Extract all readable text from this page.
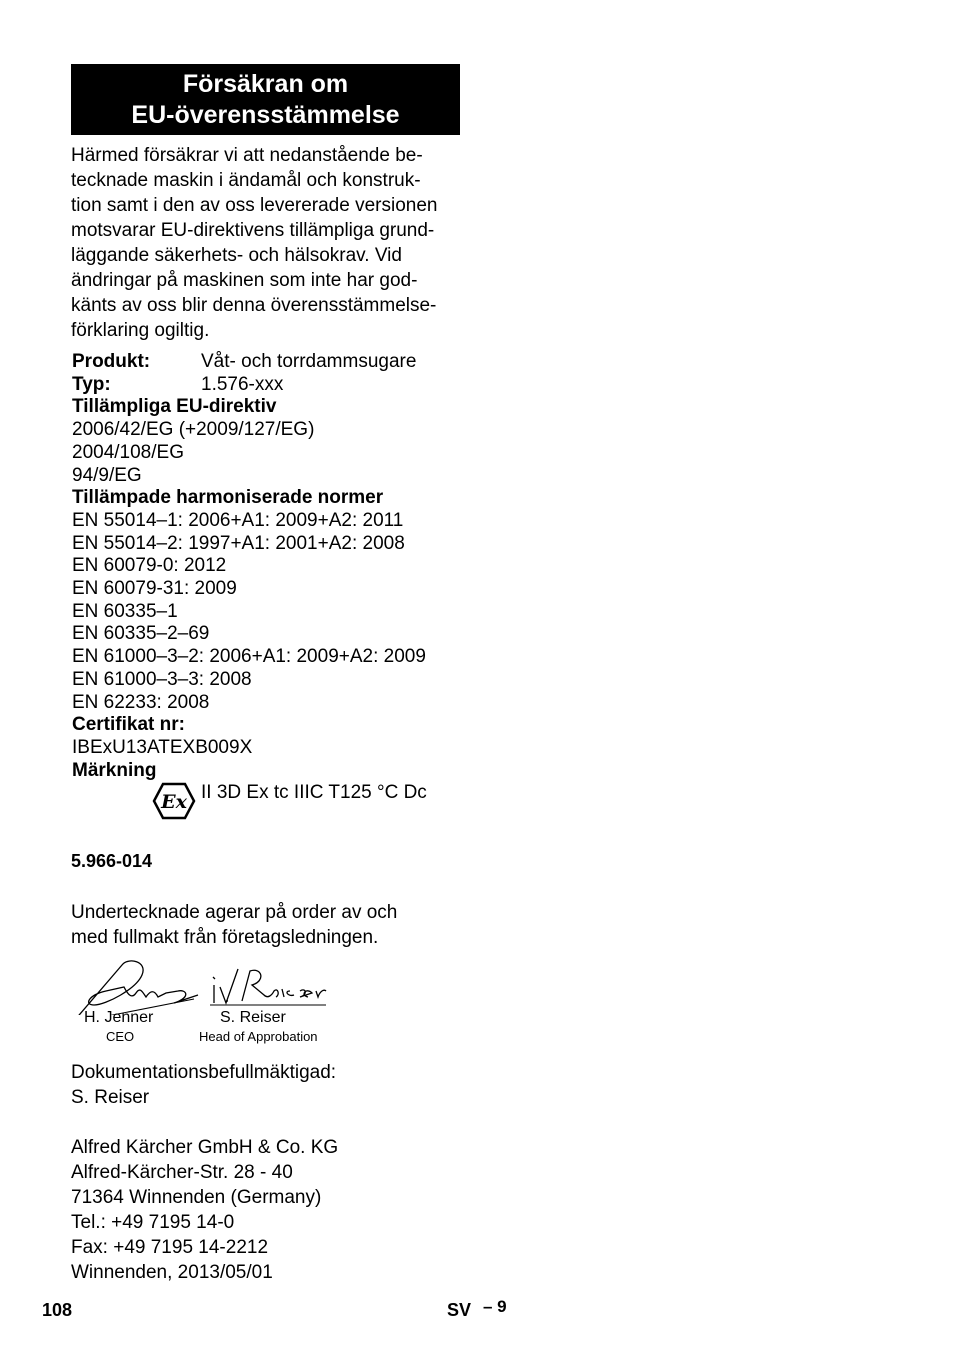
Försäkran om
EU-överensstämmelse
Härmed försäkrar vi att nedanstående be-
tecknade maskin i ändamål och konstruk-
tion samt i den av oss levererade versionen
motsvarar EU-direktivens tillämpliga grund-
läggande säkerhets- och hälsokrav. Vid
ändringar på maskinen som inte har god-
känts av oss blir denna överensstämmelse-
förklaring ogiltig.
Produkt:	Våt- och torrdammsugare
Typ:	1.576-xxx
Tillämpliga EU-direktiv
2006/42/EG (+2009/127/EG)
2004/108/EG
94/9/EG
Tillämpade harmoniserade normer
EN 55014–1: 2006+A1: 2009+A2: 2011
EN 55014–2: 1997+A1: 2001+A2: 2008
EN 60079-0: 2012
EN 60079-31: 2009
EN 60335–1
EN 60335–2–69
EN 61000–3–2: 2006+A1: 2009+A2: 2009
EN 61000–3–3: 2008
EN 62233: 2008
Certifikat nr:
IBExU13ATEXB009X
Märkning
Ex II 3D Ex tc IIIC T125 °C Dc
5.966-014
Undertecknade agerar på order av och
med fullmakt från företagsledningen.
H. Jenner
CEO
S. Reiser
Head of Approbation
Dokumentationsbefullmäktigad:
S. Reiser
Alfred Kärcher GmbH & Co. KG
Alfred-Kärcher-Str. 28 - 40
71364 Winnenden (Germany)
Tel.: +49 7195 14-0
Fax: +49 7195 14-2212
Winnenden, 2013/05/01
108	SV – 9
